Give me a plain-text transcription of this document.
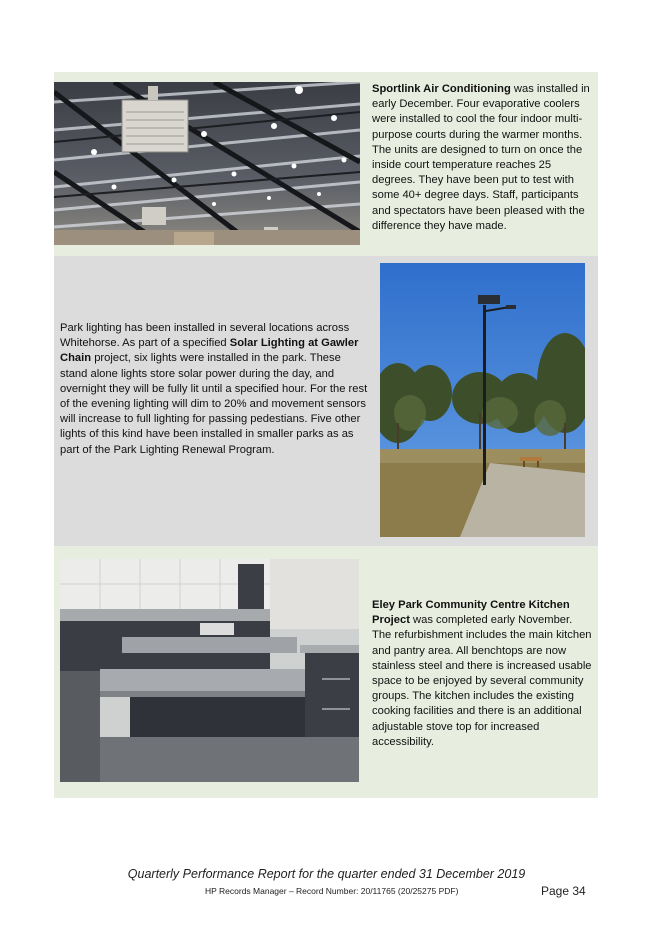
Sportlink Air Conditioning was installed in early December. Four evaporative coolers were installed to cool the four indoor multi-purpose courts during the warmer months. The units are designed to turn on once the inside court temperature reaches 25 degrees. They have been put to test with some 40+ degree days. Staff, participants and spectators have been pleased with the difference they have made.
Park lighting has been installed in several locations across Whitehorse. As part of a specified Solar Lighting at Gawler Chain project, six lights were installed in the park. These stand alone lights store solar power during the day, and overnight they will be fully lit until a specified hour. For the rest of the evening lighting will dim to 20% and movement sensors will increase to full lighting for passing pedestians. Five other lights of this kind have been installed in smaller parks as as part of the Park Lighting Renewal Program.
Eley Park Community Centre Kitchen Project was completed early November. The refurbishment includes the main kitchen and pantry area. All benchtops are now stainless steel and there is increased usable space to be enjoyed by several community groups. The kitchen includes the existing cooking facilities and there is an additional adjustable stove top for increased accessibility.
Quarterly Performance Report for the quarter ended 31 December 2019
HP Records Manager – Record Number: 20/11765 (20/25275 PDF)	Page 34
